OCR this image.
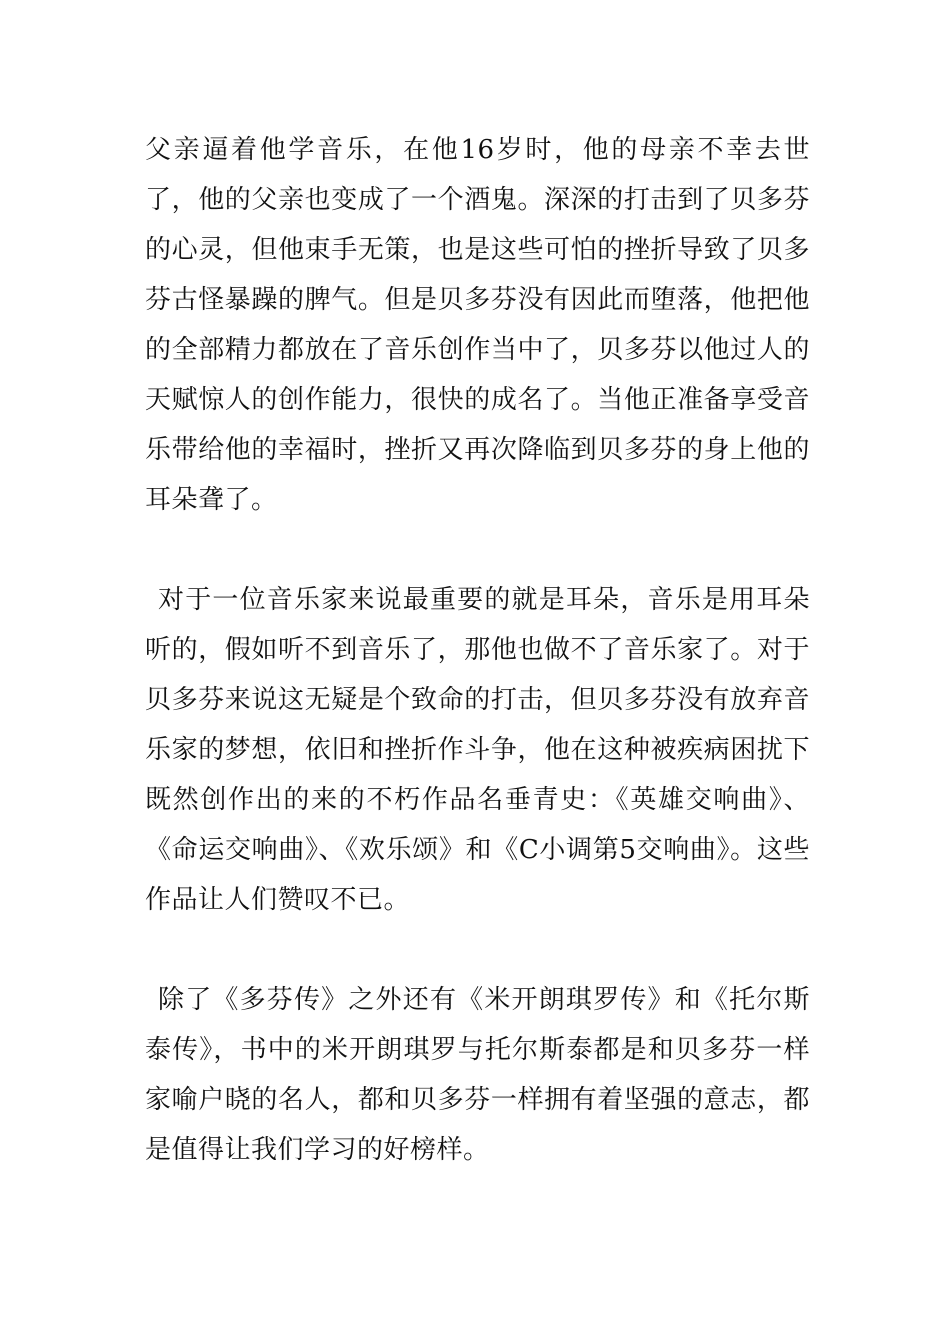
父亲逼着他学音乐，在他16岁时，他的母亲不幸去世了，他的父亲也变成了一个酒鬼。深深的打击到了贝多芬的心灵，但他束手无策，也是这些可怕的挫折导致了贝多芬古怪暴躁的脾气。但是贝多芬没有因此而堕落，他把他的全部精力都放在了音乐创作当中了，贝多芬以他过人的天赋惊人的创作能力，很快的成名了。当他正准备享受音乐带给他的幸福时，挫折又再次降临到贝多芬的身上他的耳朵聋了。

对于一位音乐家来说最重要的就是耳朵，音乐是用耳朵听的，假如听不到音乐了，那他也做不了音乐家了。对于贝多芬来说这无疑是个致命的打击，但贝多芬没有放弃音乐家的梦想，依旧和挫折作斗争，他在这种被疾病困扰下既然创作出的来的不朽作品名垂青史：《英雄交响曲》、《命运交响曲》、《欢乐颂》和《C小调第5交响曲》。这些作品让人们赞叹不已。

除了《多芬传》之外还有《米开朗琪罗传》和《托尔斯泰传》，书中的米开朗琪罗与托尔斯泰都是和贝多芬一样家喻户晓的名人，都和贝多芬一样拥有着坚强的意志，都是值得让我们学习的好榜样。
